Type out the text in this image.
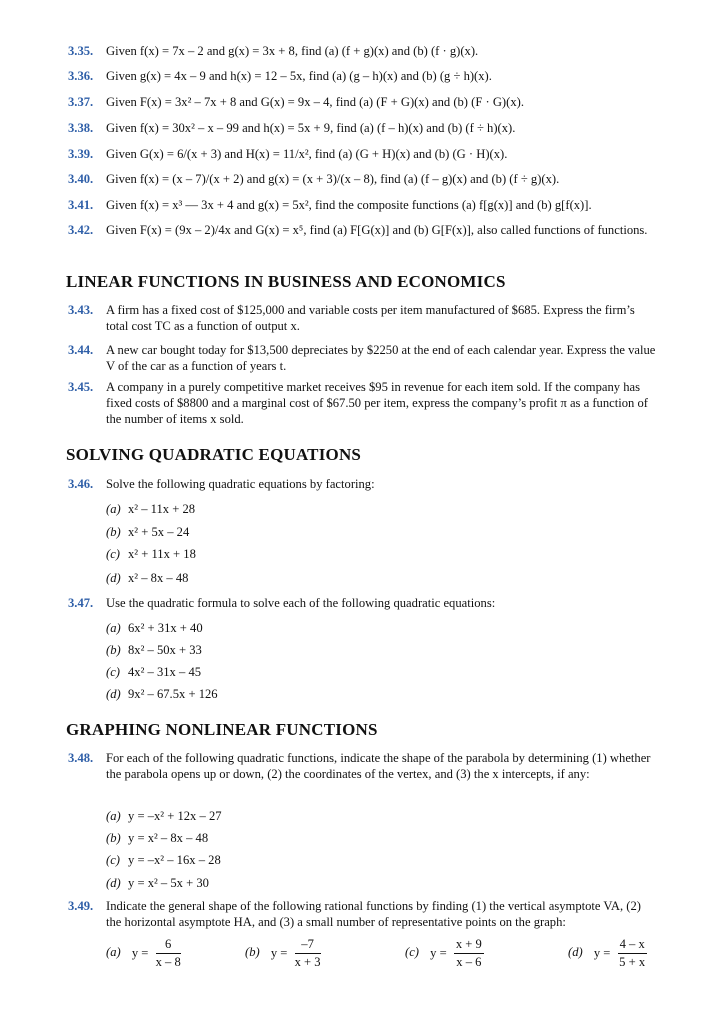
3.35. Given f(x) = 7x – 2 and g(x) = 3x + 8, find (a) (f + g)(x) and (b) (f · g)(x).
3.36. Given g(x) = 4x – 9 and h(x) = 12 – 5x, find (a) (g – h)(x) and (b) (g ÷ h)(x).
3.37. Given F(x) = 3x² – 7x + 8 and G(x) = 9x – 4, find (a) (F + G)(x) and (b) (F · G)(x).
3.38. Given f(x) = 30x² – x – 99 and h(x) = 5x + 9, find (a) (f – h)(x) and (b) (f ÷ h)(x).
3.39. Given G(x) = 6/(x + 3) and H(x) = 11/x², find (a) (G + H)(x) and (b) (G · H)(x).
3.40. Given f(x) = (x – 7)/(x + 2) and g(x) = (x + 3)/(x – 8), find (a) (f – g)(x) and (b) (f ÷ g)(x).
3.41. Given f(x) = x³ — 3x + 4 and g(x) = 5x², find the composite functions (a) f[g(x)] and (b) g[f(x)].
3.42. Given F(x) = (9x – 2)/4x and G(x) = x⁵, find (a) F[G(x)] and (b) G[F(x)], also called functions of functions.
LINEAR FUNCTIONS IN BUSINESS AND ECONOMICS
3.43. A firm has a fixed cost of $125,000 and variable costs per item manufactured of $685. Express the firm’s total cost TC as a function of output x.
3.44. A new car bought today for $13,500 depreciates by $2250 at the end of each calendar year. Express the value V of the car as a function of years t.
3.45. A company in a purely competitive market receives $95 in revenue for each item sold. If the company has fixed costs of $8800 and a marginal cost of $67.50 per item, express the company’s profit π as a function of the number of items x sold.
SOLVING QUADRATIC EQUATIONS
3.46. Solve the following quadratic equations by factoring:
(a) x² – 11x + 28
(b) x² + 5x – 24
(c) x² + 11x + 18
(d) x² – 8x – 48
3.47. Use the quadratic formula to solve each of the following quadratic equations:
(a) 6x² + 31x + 40
(b) 8x² – 50x + 33
(c) 4x² – 31x – 45
(d) 9x² – 67.5x + 126
GRAPHING NONLINEAR FUNCTIONS
3.48. For each of the following quadratic functions, indicate the shape of the parabola by determining (1) whether the parabola opens up or down, (2) the coordinates of the vertex, and (3) the x intercepts, if any:
(a) y = –x² + 12x – 27
(b) y = x² – 8x – 48
(c) y = –x² – 16x – 28
(d) y = x² – 5x + 30
3.49. Indicate the general shape of the following rational functions by finding (1) the vertical asymptote VA, (2) the horizontal asymptote HA, and (3) a small number of representative points on the graph:
(a) $y = \frac{6}{x - 8}$	(b) $y = \frac{-7}{x + 3}$	(c) $y = \frac{x + 9}{x - 6}$	(d) $y = \frac{4 - x}{5 + x}$
